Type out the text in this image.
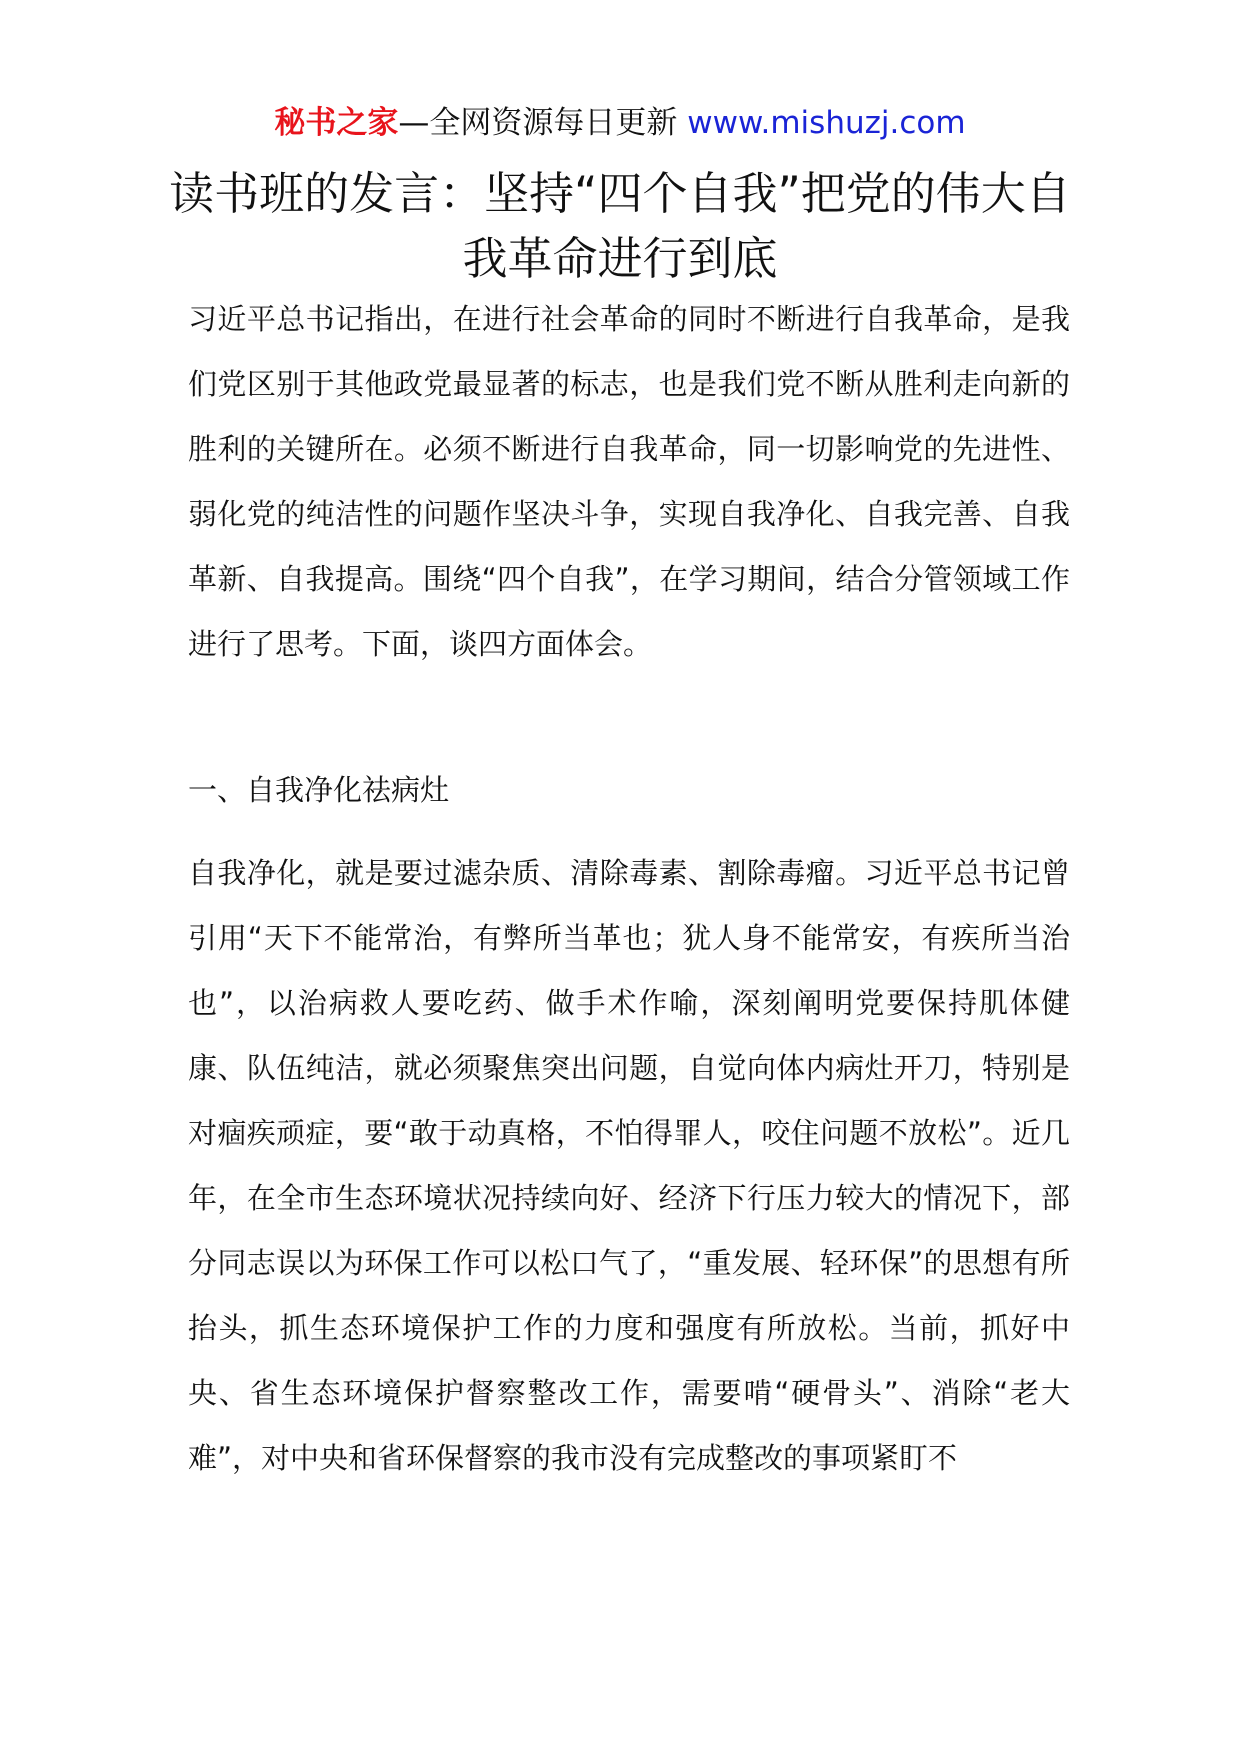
秘书之家—全网资源每日更新 www.mishuzj.com
读书班的发言：坚持“四个自我”把党的伟大自我革命进行到底

习近平总书记指出，在进行社会革命的同时不断进行自我革命，是我们党区别于其他政党最显著的标志，也是我们党不断从胜利走向新的胜利的关键所在。必须不断进行自我革命，同一切影响党的先进性、弱化党的纯洁性的问题作坚决斗争，实现自我净化、自我完善、自我革新、自我提高。围绕“四个自我”，在学习期间，结合分管领域工作进行了思考。下面，谈四方面体会。

一、自我净化祛病灶

自我净化，就是要过滤杂质、清除毒素、割除毒瘤。习近平总书记曾引用“天下不能常治，有弊所当革也；犹人身不能常安，有疾所当治也”，以治病救人要吃药、做手术作喻，深刻阐明党要保持肌体健康、队伍纯洁，就必须聚焦突出问题，自觉向体内病灶开刀，特别是对痼疾顽症，要“敢于动真格，不怕得罪人，咬住问题不放松”。近几年，在全市生态环境状况持续向好、经济下行压力较大的情况下，部分同志误以为环保工作可以松口气了，“重发展、轻环保”的思想有所抬头，抓生态环境保护工作的力度和强度有所放松。当前，抓好中央、省生态环境保护督察整改工作，需要啃“硬骨头”、消除“老大难”，对中央和省环保督察的我市没有完成整改的事项紧盯不
